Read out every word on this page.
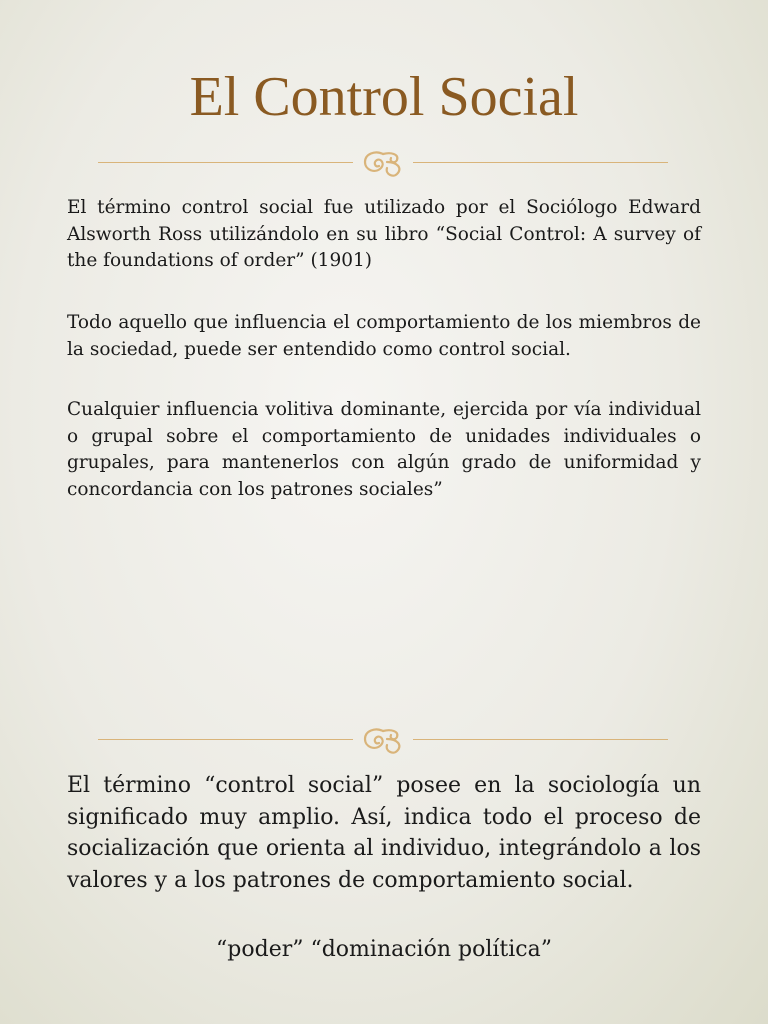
El Control Social

El término control social fue utilizado por el Sociólogo Edward Alsworth Ross utilizándolo en su libro “Social Control: A survey of the foundations of order” (1901)

Todo aquello que influencia el comportamiento de los miembros de la sociedad, puede ser entendido como control social.

Cualquier influencia volitiva dominante, ejercida por vía individual o grupal sobre el comportamiento de unidades individuales o grupales, para mantenerlos con algún grado de uniformidad y concordancia con los patrones sociales”

El término “control social” posee en la sociología un significado muy amplio. Así, indica todo el proceso de socialización que orienta al individuo, integrándolo a los valores y a los patrones de comportamiento social.

“poder” “dominación política”
